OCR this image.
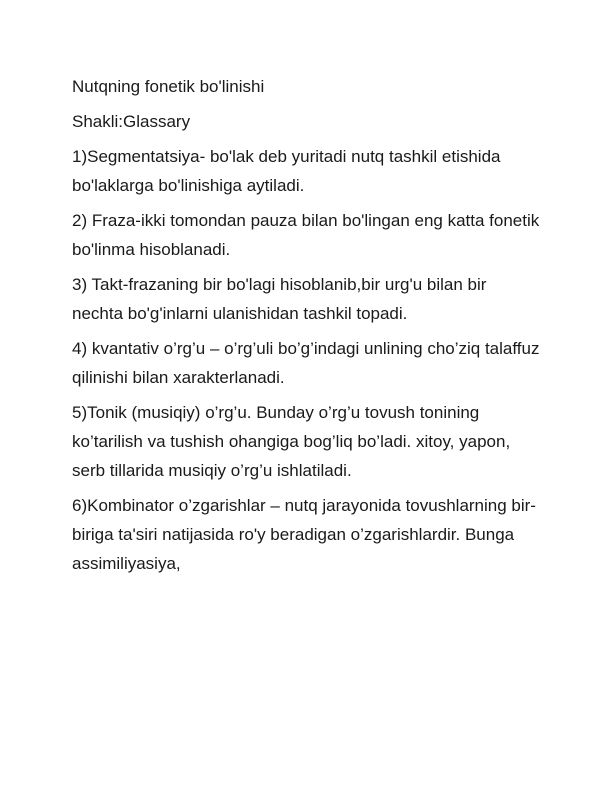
Nutqning fonetik bo'linishi

Shakli:Glassary

1)Segmentatsiya- bo'lak deb yuritadi nutq tashkil etishida bo'laklarga bo'linishiga aytiladi.

2) Fraza-ikki tomondan pauza bilan bo'lingan eng katta fonetik bo'linma hisoblanadi.

3) Takt-frazaning bir bo'lagi hisoblanib,bir urg'u bilan bir nechta bo'g'inlarni ulanishidan tashkil topadi.

4) kvantativ o’rg’u – o’rg’uli bo’g’indagi unlining cho’ziq talaffuz qilinishi bilan xarakterlanadi.

5)Tonik (musiqiy) o’rg’u. Bunday o’rg’u tovush tonining ko’tarilish va tushish ohangiga bog’liq bo’ladi. xitoy, yapon, serb tillarida musiqiy o’rg’u ishlatiladi.

6)Kombinator o’zgarishlar – nutq jarayonida tovushlarning bir-biriga ta'siri natijasida ro'y beradigan o’zgarishlardir. Bunga assimiliyasiya,
